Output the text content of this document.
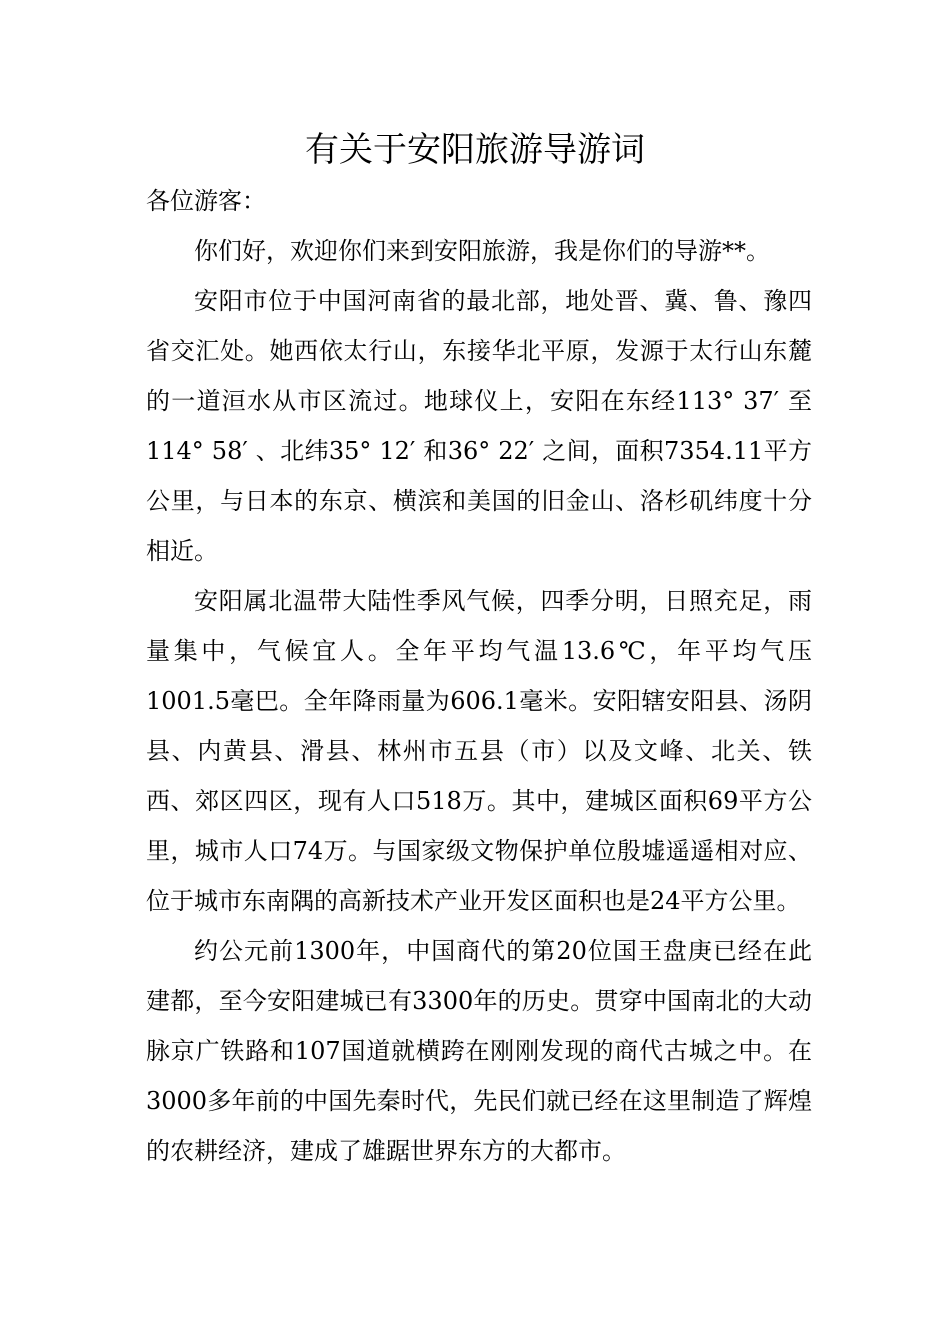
有关于安阳旅游导游词

各位游客：

你们好，欢迎你们来到安阳旅游，我是你们的导游**。

安阳市位于中国河南省的最北部，地处晋、冀、鲁、豫四省交汇处。她西依太行山，东接华北平原，发源于太行山东麓的一道洹水从市区流过。地球仪上，安阳在东经113° 37′ 至114° 58′ 、北纬35° 12′ 和36° 22′ 之间，面积7354.11平方公里，与日本的东京、横滨和美国的旧金山、洛杉矶纬度十分相近。

安阳属北温带大陆性季风气候，四季分明，日照充足，雨量集中，气候宜人。全年平均气温13.6℃，年平均气压1001.5毫巴。全年降雨量为606.1毫米。安阳辖安阳县、汤阴县、内黄县、滑县、林州市五县（市）以及文峰、北关、铁西、郊区四区，现有人口518万。其中，建城区面积69平方公里，城市人口74万。与国家级文物保护单位殷墟遥遥相对应、位于城市东南隅的高新技术产业开发区面积也是24平方公里。

约公元前1300年，中国商代的第20位国王盘庚已经在此建都，至今安阳建城已有3300年的历史。贯穿中国南北的大动脉京广铁路和107国道就横跨在刚刚发现的商代古城之中。在3000多年前的中国先秦时代，先民们就已经在这里制造了辉煌的农耕经济，建成了雄踞世界东方的大都市。
